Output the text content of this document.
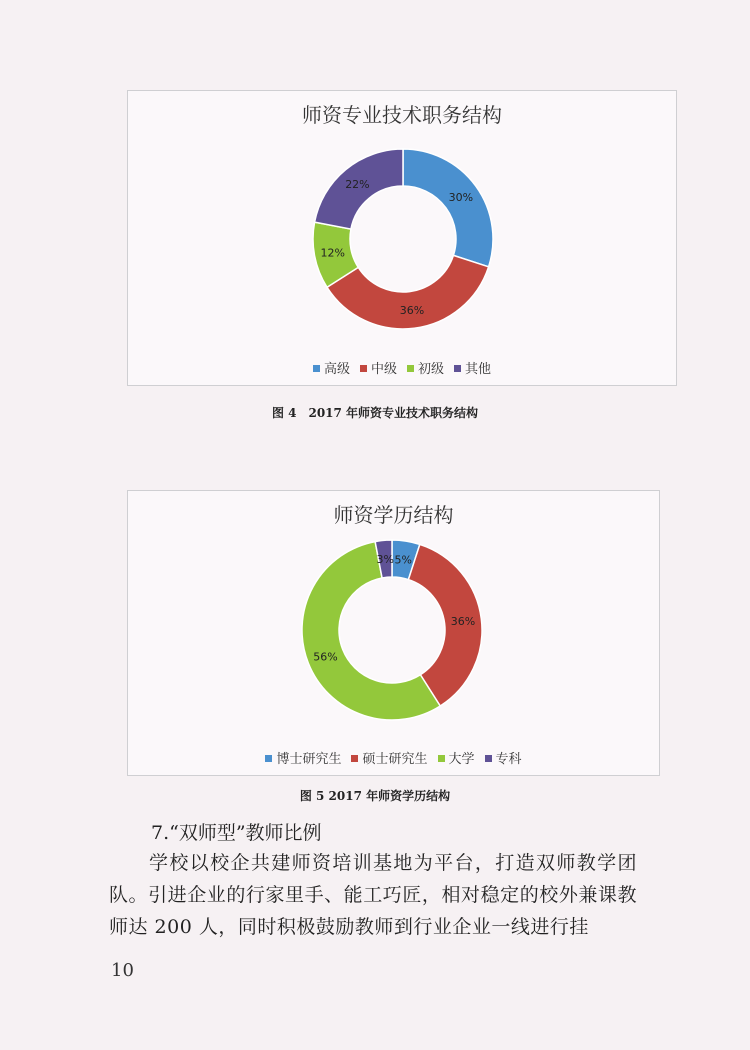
师资专业技术职务结构
30%
36%
12%
22%
高级 中级 初级 其他
图 4　2017 年师资专业技术职务结构
师资学历结构
5%
36%
56%
3%
博士研究生 硕士研究生 大学 专科
图 5 2017 年师资学历结构
7.“双师型”教师比例
学校以校企共建师资培训基地为平台，打造双师教学团队。引进企业的行家里手、能工巧匠，相对稳定的校外兼课教师达 200 人，同时积极鼓励教师到行业企业一线进行挂
10
